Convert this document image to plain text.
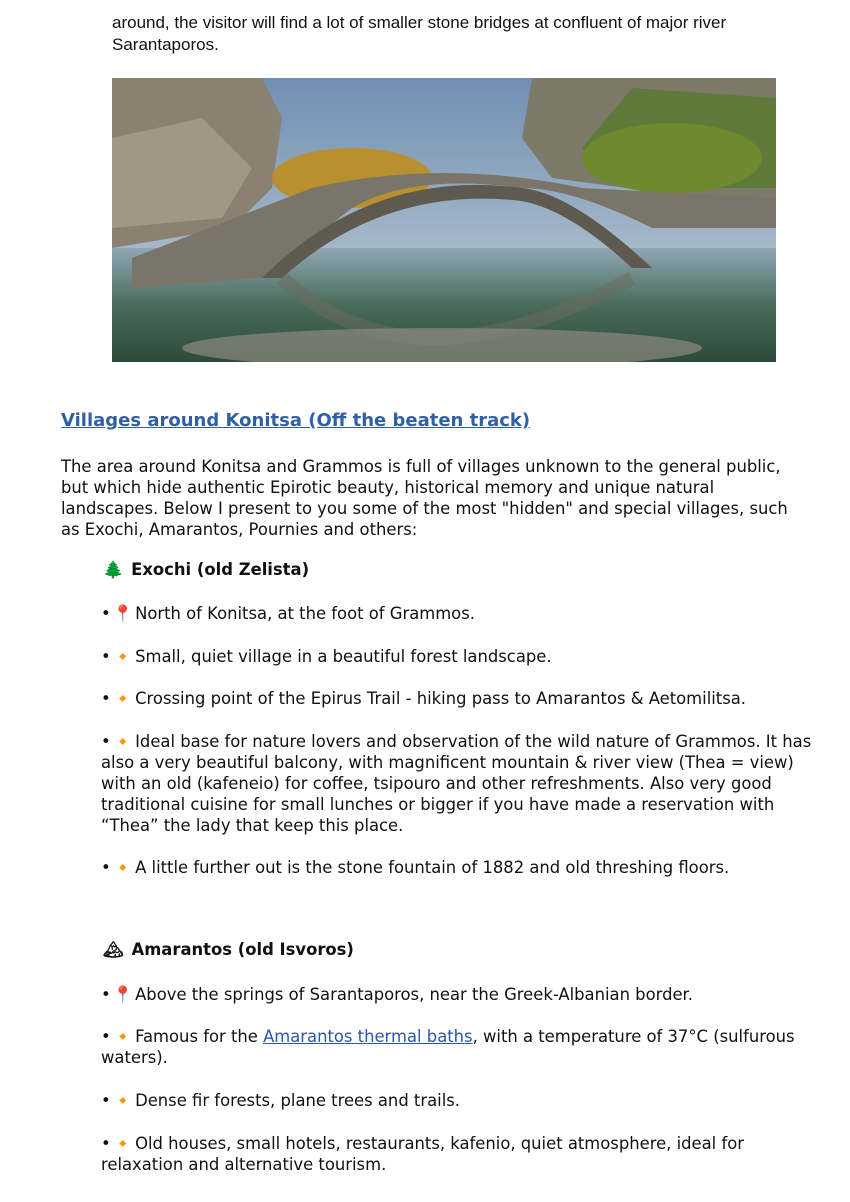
around, the visitor will find a lot of smaller stone bridges at confluent of major river Sarantaporos.

Villages around Konitsa (Off the beaten track)

The area around Konitsa and Grammos is full of villages unknown to the general public, but which hide authentic Epirotic beauty, historical memory and unique natural landscapes. Below I present to you some of the most "hidden" and special villages, such as Exochi, Amarantos, Pournies and others:

🌲 Exochi (old Zelista)

• 📍 North of Konitsa, at the foot of Grammos.

• 🔸 Small, quiet village in a beautiful forest landscape.

• 🔸 Crossing point of the Epirus Trail - hiking pass to Amarantos & Aetomilitsa.

• 🔸 Ideal base for nature lovers and observation of the wild nature of Grammos. It has also a very beautiful balcony, with magnificent mountain & river view (Thea = view) with an old (kafeneio) for coffee, tsipouro and other refreshments. Also very good traditional cuisine for small lunches or bigger if you have made a reservation with “Thea” the lady that keep this place.

• 🔸 A little further out is the stone fountain of 1882 and old threshing floors.

🏔 Amarantos (old Isvoros)

• 📍 Above the springs of Sarantaporos, near the Greek-Albanian border.

• 🔸 Famous for the Amarantos thermal baths, with a temperature of 37°C (sulfurous waters).

• 🔸 Dense fir forests, plane trees and trails.

• 🔸 Old houses, small hotels, restaurants, kafenio, quiet atmosphere, ideal for relaxation and alternative tourism.
